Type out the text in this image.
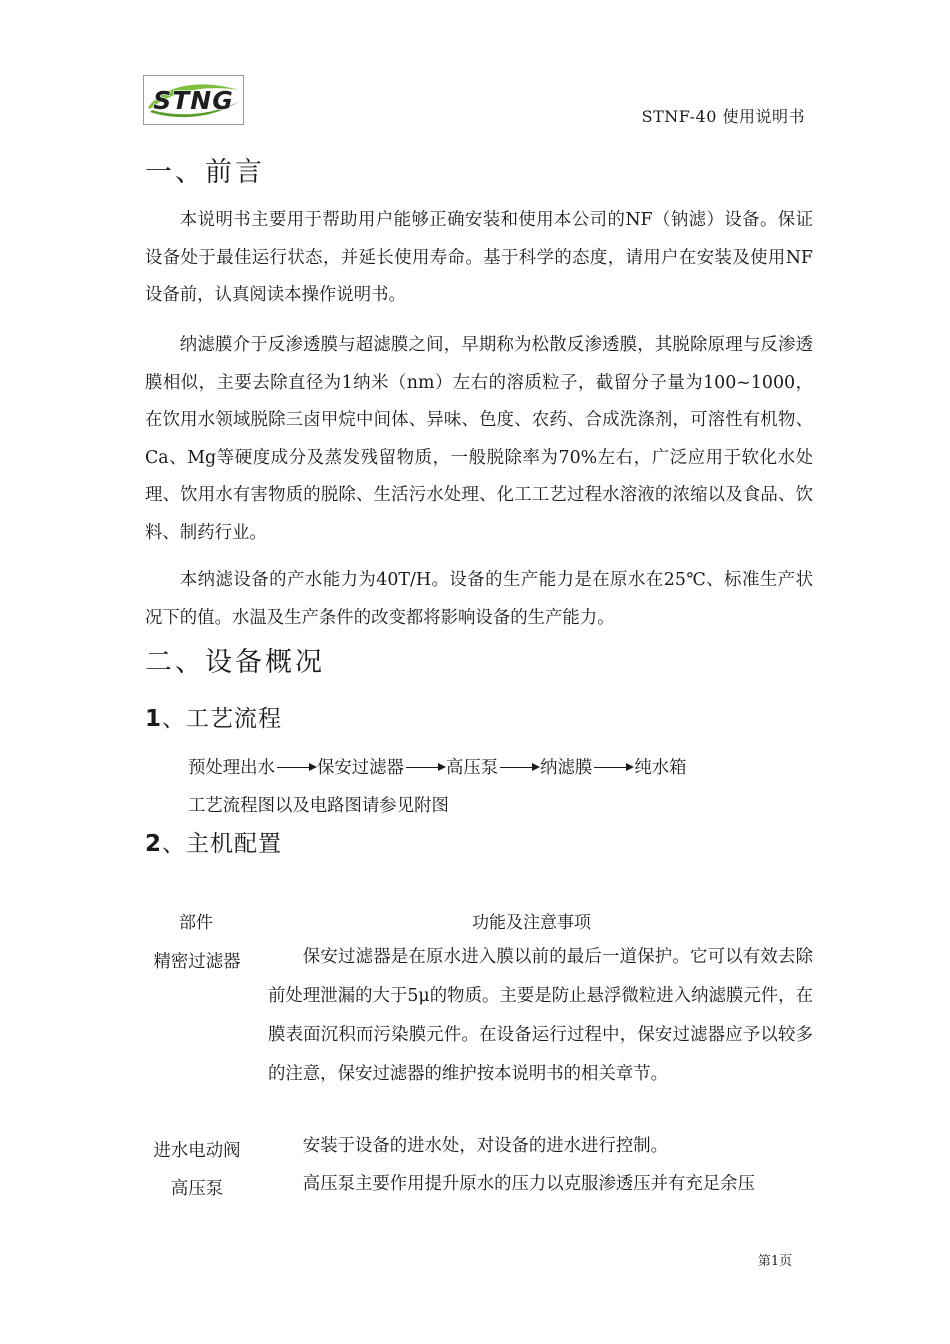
STNG
STNF-40 使用说明书
一、前言
本说明书主要用于帮助用户能够正确安装和使用本公司的NF（钠滤）设备。保证设备处于最佳运行状态，并延长使用寿命。基于科学的态度，请用户在安装及使用NF设备前，认真阅读本操作说明书。
纳滤膜介于反渗透膜与超滤膜之间，早期称为松散反渗透膜，其脱除原理与反渗透膜相似，主要去除直径为1纳米（nm）左右的溶质粒子，截留分子量为100~1000，在饮用水领域脱除三卤甲烷中间体、异味、色度、农药、合成洗涤剂，可溶性有机物、Ca、Mg等硬度成分及蒸发残留物质，一般脱除率为70%左右，广泛应用于软化水处理、饮用水有害物质的脱除、生活污水处理、化工工艺过程水溶液的浓缩以及食品、饮料、制药行业。
本纳滤设备的产水能力为40T/H。设备的生产能力是在原水在25℃、标准生产状况下的值。水温及生产条件的改变都将影响设备的生产能力。
二、设备概况
1、工艺流程
预处理出水 保安过滤器 高压泵 纳滤膜 纯水箱
工艺流程图以及电路图请参见附图
2、主机配置
部件	功能及注意事项
精密过滤器	保安过滤器是在原水进入膜以前的最后一道保护。它可以有效去除前处理泄漏的大于5μ的物质。主要是防止悬浮微粒进入纳滤膜元件，在膜表面沉积而污染膜元件。在设备运行过程中，保安过滤器应予以较多的注意，保安过滤器的维护按本说明书的相关章节。
进水电动阀	安装于设备的进水处，对设备的进水进行控制。
高压泵	高压泵主要作用提升原水的压力以克服渗透压并有充足余压
第1页
